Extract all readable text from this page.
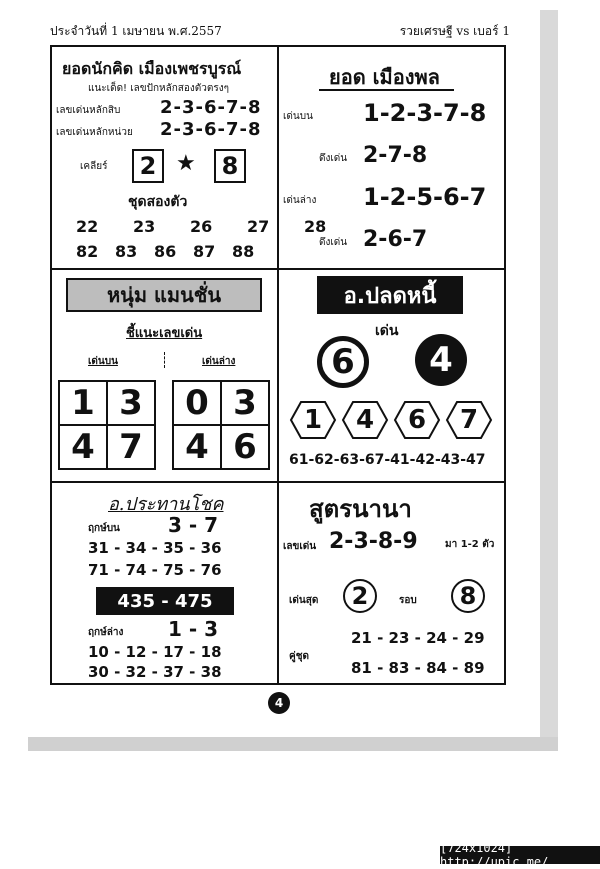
ประจำวันที่ 1 เมษายน พ.ศ.2557	รวยเศรษฐี vs เบอร์ 1
ยอดนักคิด เมืองเพชรบูรณ์
แนะเด็ด! เลขปักหลักสองตัวตรงๆ
เลขเด่นหลักสิบ 2-3-6-7-8
เลขเด่นหลักหน่วย 2-3-6-7-8
เคลียร์	2 ★	8
ชุดสองตัว
22 23 26 27 28
82 83 86 87 88
ยอด เมืองพล
เด่นบน 1-2-3-7-8
ดึงเด่น 2-7-8
เด่นล่าง 1-2-5-6-7
ดึงเด่น 2-6-7
หนุ่ม แมนชั่น
ชี้แนะเลขเด่น
เด่นบน	เด่นล่าง
1 3
4 7
0 3
4 6
อ.ปลดหนี้
เด่น
6	4
1 4 6 7
61-62-63-67-41-42-43-47
อ.ประทานโชค
ฤกษ์บน 3 - 7
31 - 34 - 35 - 36
71 - 74 - 75 - 76
435 - 475
ฤกษ์ล่าง 1 - 3
10 - 12 - 17 - 18
30 - 32 - 37 - 38
สูตรนานา
เลขเด่น 2-3-8-9	มา 1-2 ตัว
เด่นสุด	2	รอบ	8
คู่ชุด
21 - 23 - 24 - 29
81 - 83 - 84 - 89
4
[724x1024] http://upic.me/
